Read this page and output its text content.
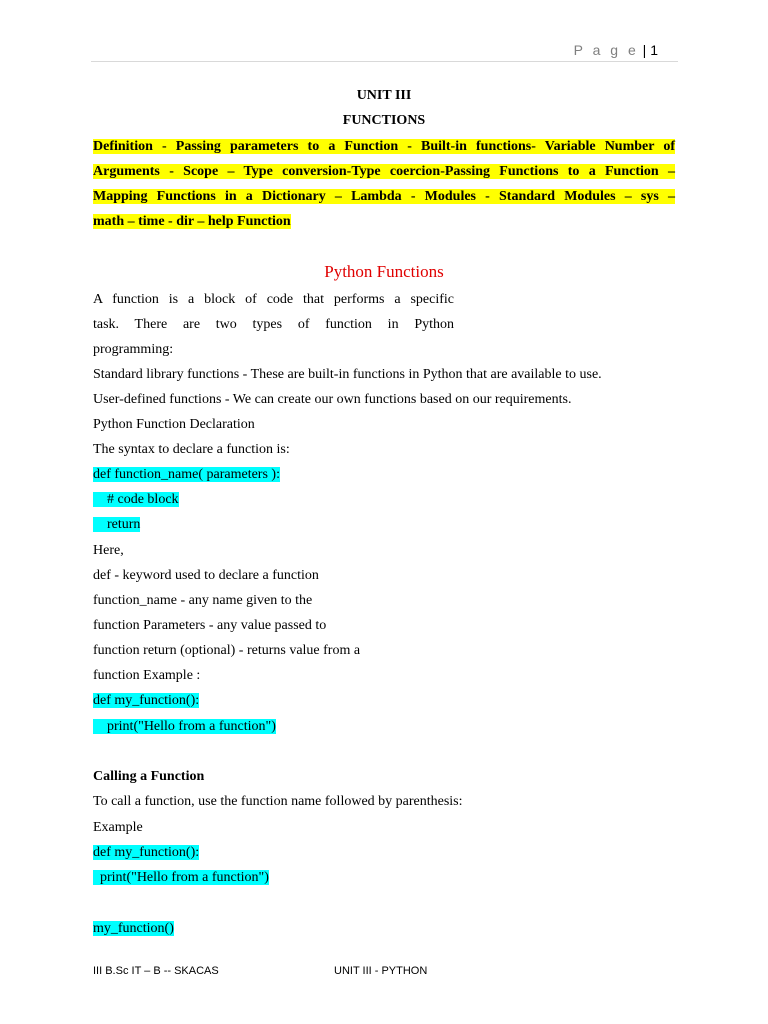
P a g e | 1
UNIT III
FUNCTIONS
Definition - Passing parameters to a Function - Built-in functions- Variable Number of
Arguments - Scope – Type conversion-Type coercion-Passing Functions to a Function –
Mapping Functions in a Dictionary – Lambda - Modules - Standard Modules – sys –
math – time - dir – help Function
Python Functions
A function is a block of code that performs a specific
task. There are two types of function in Python
programming:
Standard library functions - These are built-in functions in Python that are available to use.
User-defined functions - We can create our own functions based on our requirements.
Python Function Declaration
The syntax to declare a function is:
def function_name( parameters ):
# code block
return
Here,
def - keyword used to declare a function
function_name - any name given to the
function Parameters - any value passed to
function return (optional) - returns value from a
function Example :
def my_function():
print("Hello from a function")
Calling a Function
To call a function, use the function name followed by parenthesis:
Example
def my_function():
print("Hello from a function")
my_function()
III B.Sc IT – B -- SKACAS	UNIT III - PYTHON
